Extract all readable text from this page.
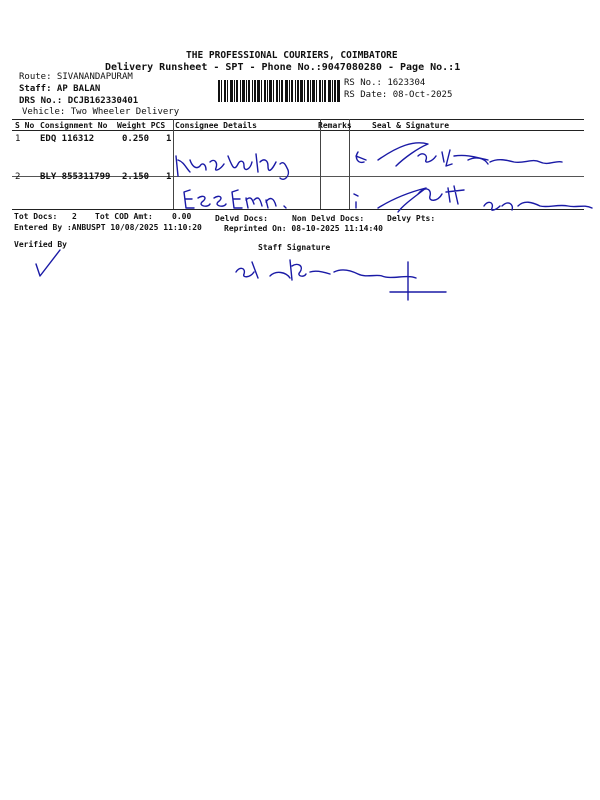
THE PROFESSIONAL COURIERS, COIMBATORE
Delivery Runsheet - SPT - Phone No.:9047080280 - Page No.:1
Route: SIVANANDAPURAM
Staff: AP BALAN
DRS No.: DCJB162330401
Vehicle: Two Wheeler Delivery
RS No.: 1623304
RS Date: 08-Oct-2025
S No Consignment No Weight PCS Consignee Details	Remarks	Seal & Signature
1 EDQ 116312	0.250 1
2 BLY 855311799 2.150 1
Tot Docs: 2 Tot COD Amt: 0.00	Delvd Docs:	Non Delvd Docs:	Delvy Pts:
Entered By :ANBUSPT 10/08/2025 11:10:20	Reprinted On: 08-10-2025 11:14:40
Verified By	Staff Signature
